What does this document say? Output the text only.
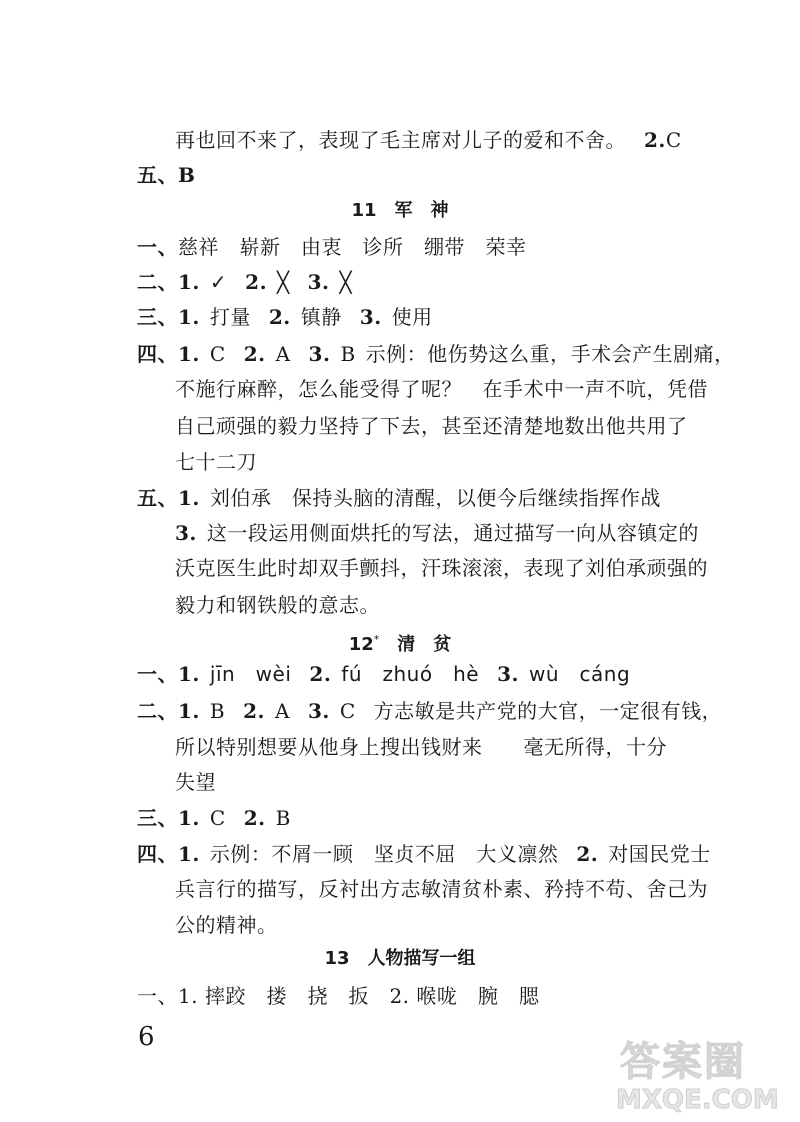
再也回不来了，表现了毛主席对儿子的爱和不舍。 2.C
五、B
11　军　神
一、慈祥　崭新　由衷　诊所　绷带　荣幸
二、1. ✓ 2. ╳ 3. ╳
三、1. 打量 2. 镇静 3. 使用
四、1. C 2. A 3. B 示例：他伤势这么重，手术会产生剧痛，
不施行麻醉，怎么能受得了呢？　在手术中一声不吭，凭借
自己顽强的毅力坚持了下去，甚至还清楚地数出他共用了
七十二刀
五、1. 刘伯承　保持头脑的清醒，以便今后继续指挥作战
3. 这一段运用侧面烘托的写法，通过描写一向从容镇定的
沃克医生此时却双手颤抖，汗珠滚滚，表现了刘伯承顽强的
毅力和钢铁般的意志。
12* 清　贫
一、1. jīn　wèi 2. fú　zhuó　hè 3. wù　cáng
二、1. B 2. A 3. C 方志敏是共产党的大官，一定很有钱，
所以特别想要从他身上搜出钱财来　　毫无所得，十分
失望
三、1. C 2. B
四、1. 示例：不屑一顾　坚贞不屈　大义凛然 2. 对国民党士
兵言行的描写，反衬出方志敏清贫朴素、矜持不苟、舍己为
公的精神。
13　人物描写一组
一、1. 摔跤　搂　挠　扳　2. 喉咙　腕　腮
6
答案圈
MXQE.COM
